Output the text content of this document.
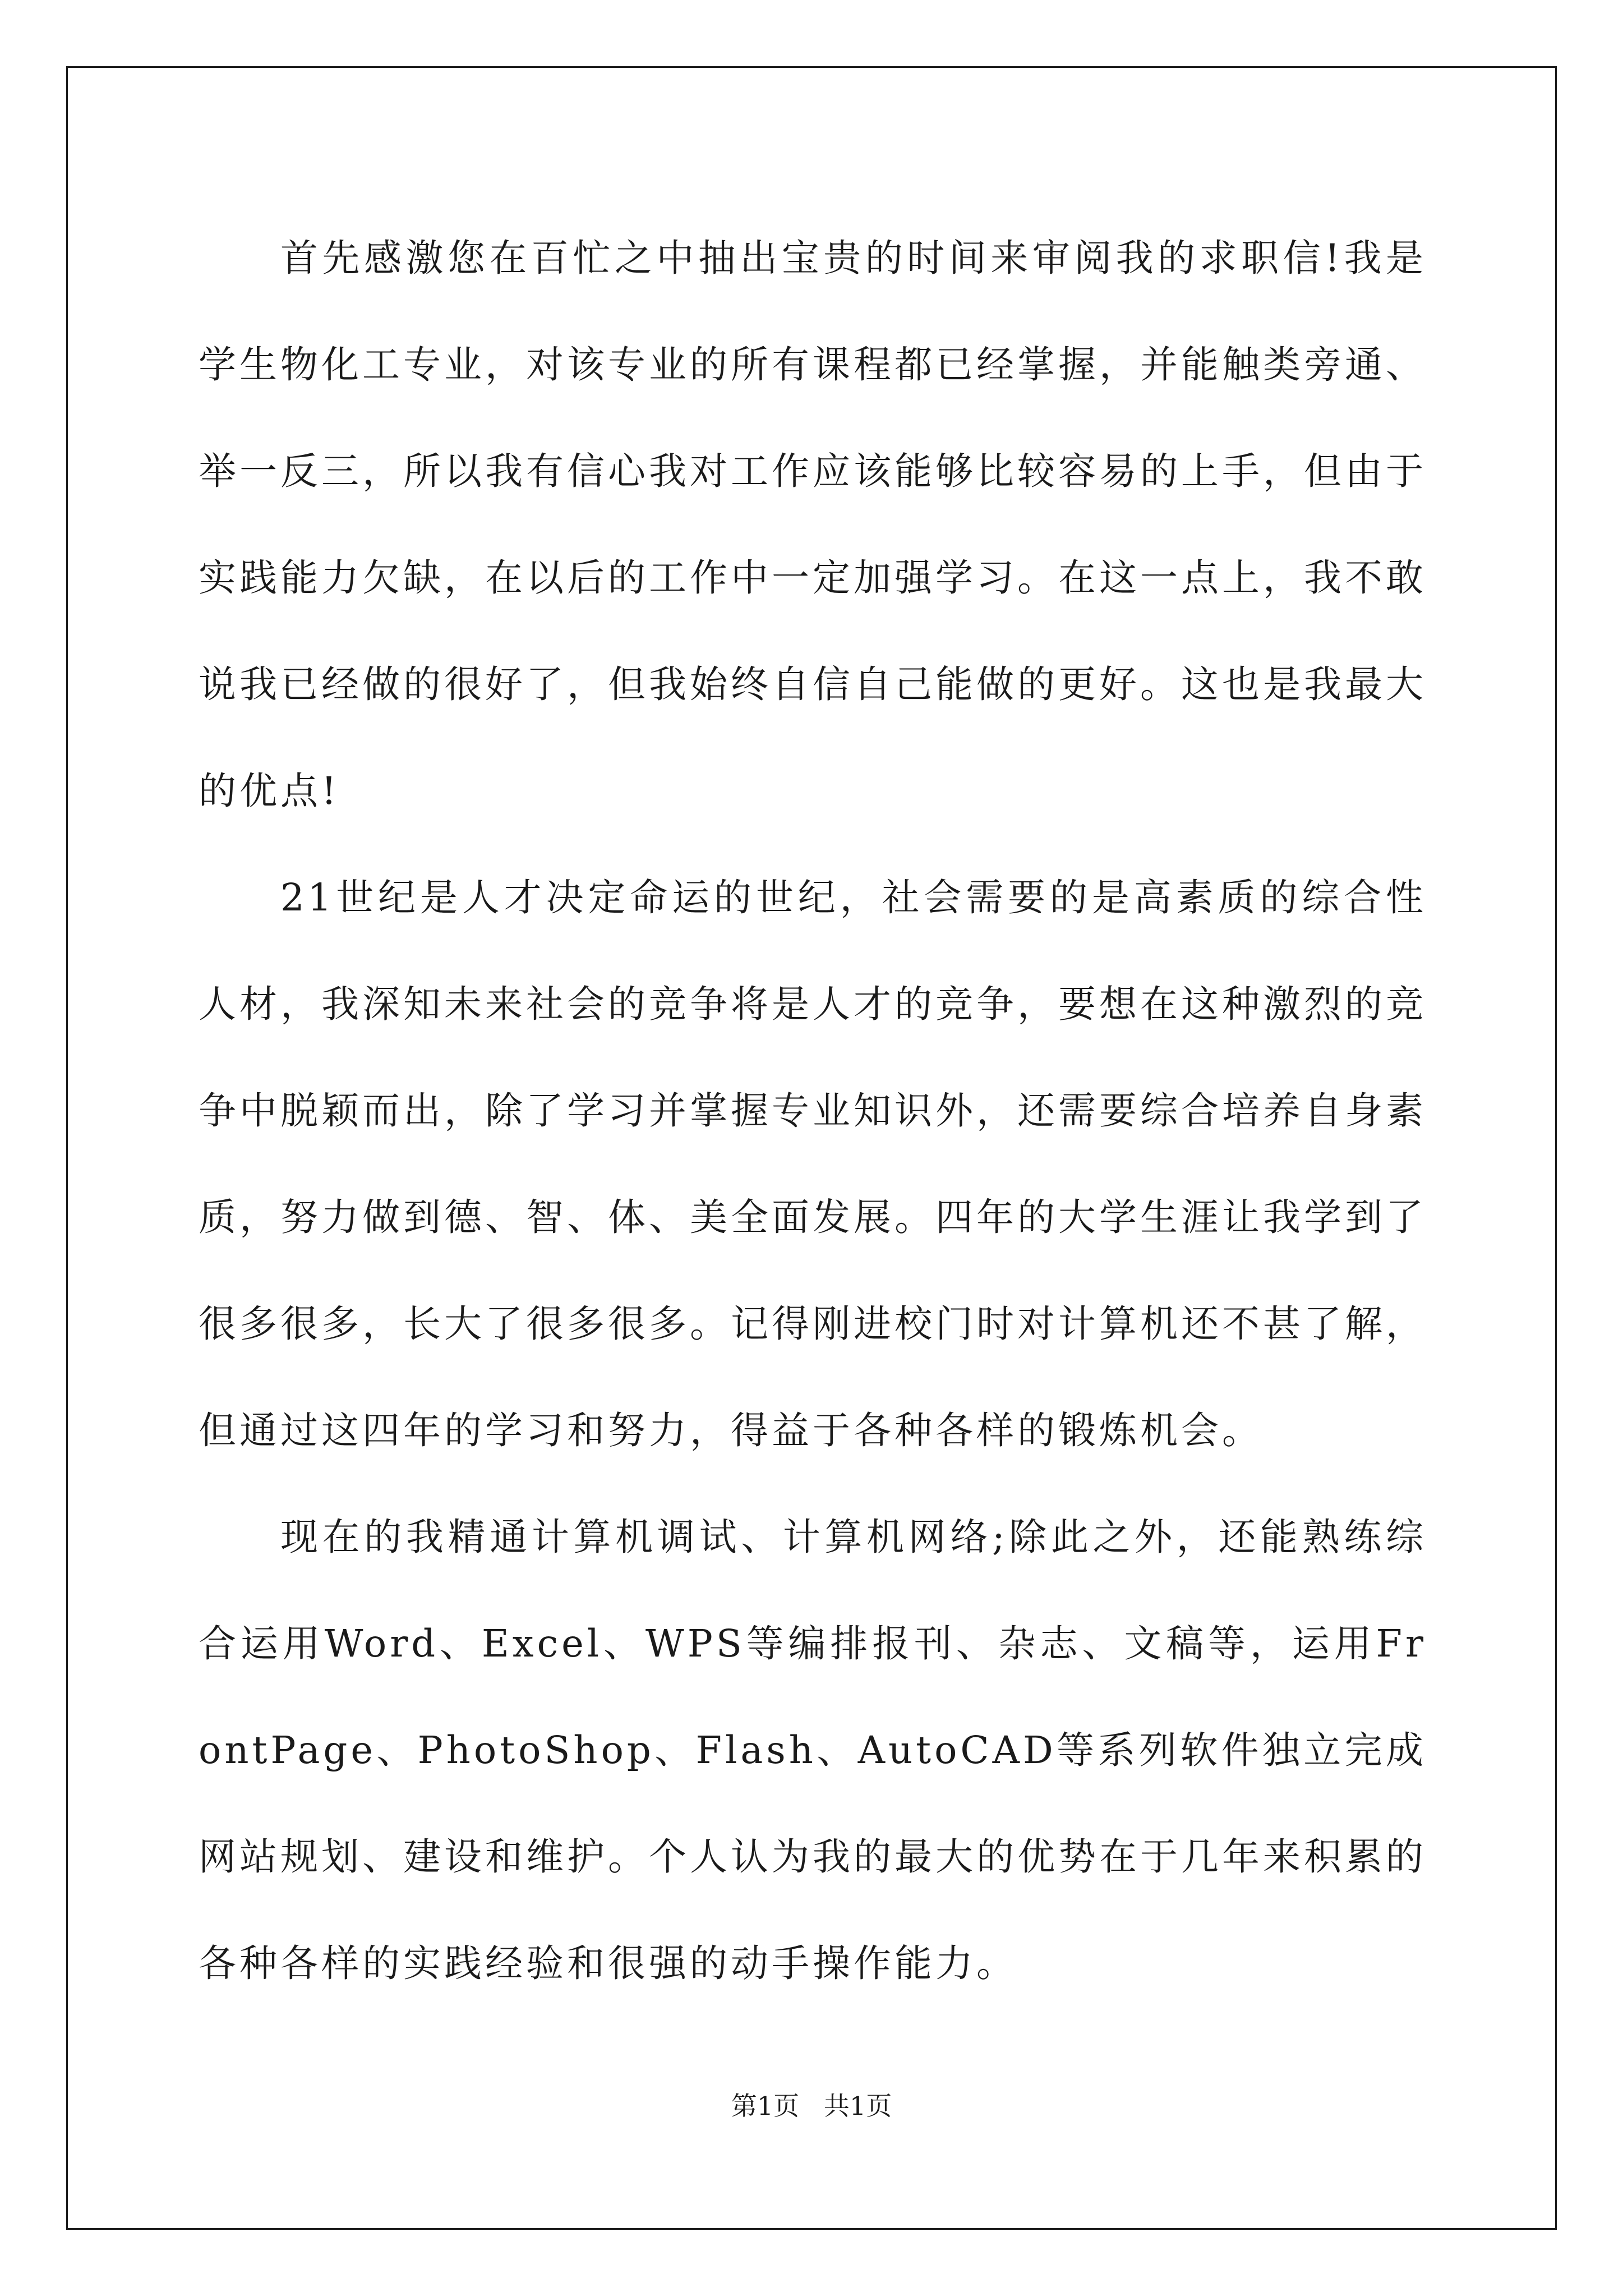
首先感激您在百忙之中抽出宝贵的时间来审阅我的求职信!我是学生物化工专业，对该专业的所有课程都已经掌握，并能触类旁通、举一反三，所以我有信心我对工作应该能够比较容易的上手，但由于实践能力欠缺，在以后的工作中一定加强学习。在这一点上，我不敢说我已经做的很好了，但我始终自信自己能做的更好。这也是我最大的优点!

21世纪是人才决定命运的世纪，社会需要的是高素质的综合性人材，我深知未来社会的竞争将是人才的竞争，要想在这种激烈的竞争中脱颖而出，除了学习并掌握专业知识外，还需要综合培养自身素质，努力做到德、智、体、美全面发展。四年的大学生涯让我学到了很多很多，长大了很多很多。记得刚进校门时对计算机还不甚了解，但通过这四年的学习和努力，得益于各种各样的锻炼机会。

现在的我精通计算机调试、计算机网络;除此之外，还能熟练综合运用Word、Excel、WPS等编排报刊、杂志、文稿等，运用FrontPage、PhotoShop、Flash、AutoCAD等系列软件独立完成网站规划、建设和维护。个人认为我的最大的优势在于几年来积累的各种各样的实践经验和很强的动手操作能力。

第1页   共1页
